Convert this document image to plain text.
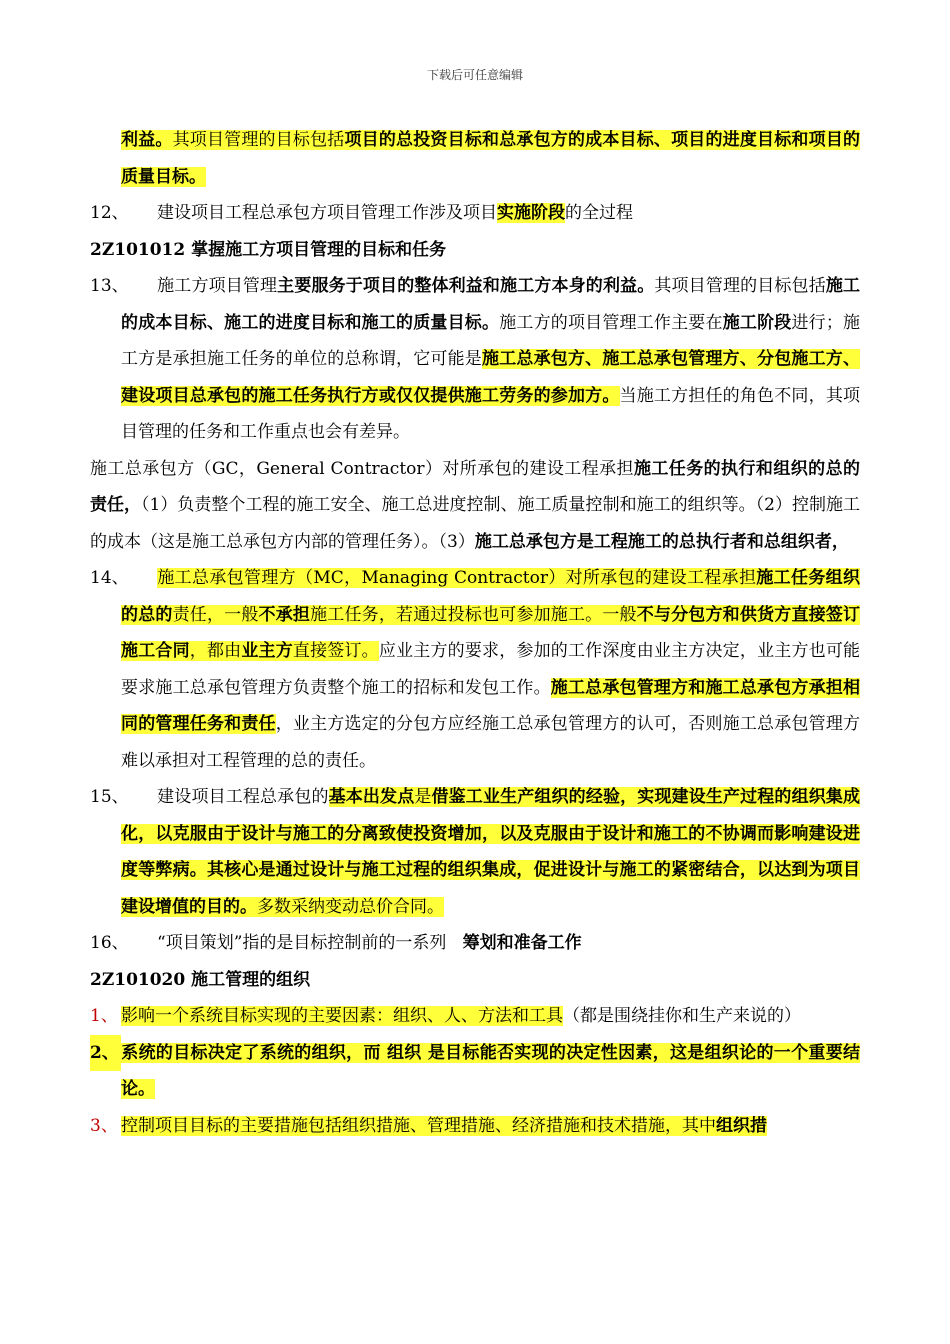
下载后可任意编辑
利益。其项目管理的目标包括项目的总投资目标和总承包方的成本目标、项目的进度目标和项目的质量目标。
12、 建设项目工程总承包方项目管理工作涉及项目实施阶段的全过程
2Z101012 掌握施工方项目管理的目标和任务
13、 施工方项目管理主要服务于项目的整体利益和施工方本身的利益。其项目管理的目标包括施工的成本目标、施工的进度目标和施工的质量目标。施工方的项目管理工作主要在施工阶段进行；施工方是承担施工任务的单位的总称谓，它可能是施工总承包方、施工总承包管理方、分包施工方、建设项目总承包的施工任务执行方或仅仅提供施工劳务的参加方。当施工方担任的角色不同，其项目管理的任务和工作重点也会有差异。
施工总承包方（GC，General Contractor）对所承包的建设工程承担施工任务的执行和组织的总的责任，（1）负责整个工程的施工安全、施工总进度控制、施工质量控制和施工的组织等。（2）控制施工的成本（这是施工总承包方内部的管理任务）。（3）施工总承包方是工程施工的总执行者和总组织者，
14、 施工总承包管理方（MC，Managing Contractor）对所承包的建设工程承担施工任务组织的总的责任，一般不承担施工任务，若通过投标也可参加施工。一般不与分包方和供货方直接签订施工合同，都由业主方直接签订。应业主方的要求，参加的工作深度由业主方决定，业主方也可能要求施工总承包管理方负责整个施工的招标和发包工作。施工总承包管理方和施工总承包方承担相同的管理任务和责任，业主方选定的分包方应经施工总承包管理方的认可，否则施工总承包管理方难以承担对工程管理的总的责任。
15、 建设项目工程总承包的基本出发点是借鉴工业生产组织的经验，实现建设生产过程的组织集成化，以克服由于设计与施工的分离致使投资增加，以及克服由于设计和施工的不协调而影响建设进度等弊病。其核心是通过设计与施工过程的组织集成，促进设计与施工的紧密结合，以达到为项目建设增值的目的。多数采纳变动总价合同。
16、 “项目策划”指的是目标控制前的一系列 筹划和准备工作
2Z101020 施工管理的组织
1、 影响一个系统目标实现的主要因素：组织、人、方法和工具（都是围绕挂你和生产来说的）
2、 系统的目标决定了系统的组织，而 组织 是目标能否实现的决定性因素，这是组织论的一个重要结论。
3、 控制项目目标的主要措施包括组织措施、管理措施、经济措施和技术措施，其中组织措
